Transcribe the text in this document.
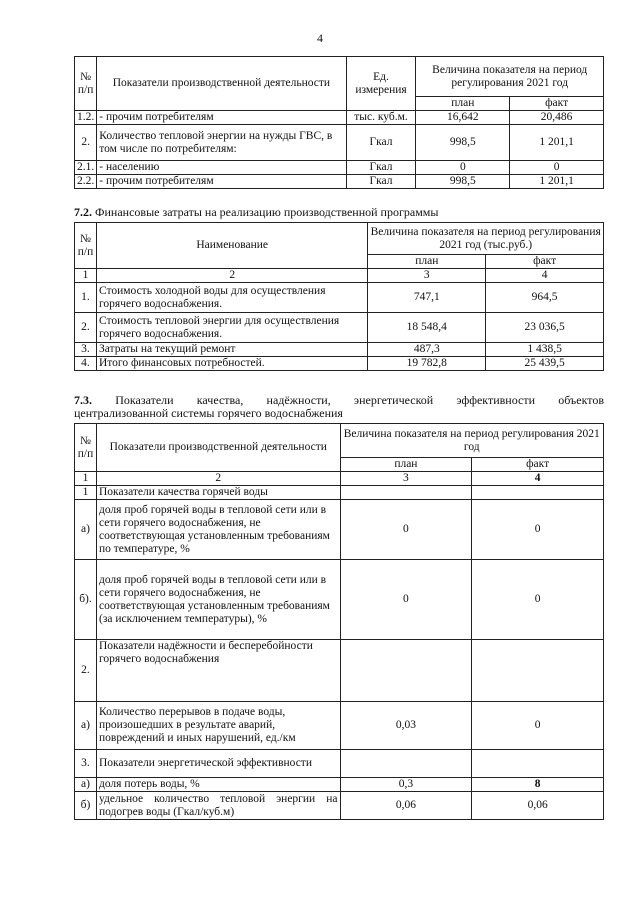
4
№ п/п	Показатели производственной деятельности	Ед. измерения	Величина показателя на период регулирования 2021 год	
			план	факт
1.2.	- прочим потребителям	тыс. куб.м.	16,642	20,486
2.	Количество тепловой энергии на нужды ГВС, в том числе по потребителям:	Гкал	998,5	1 201,1
2.1.	- населению	Гкал	0	0
2.2.	- прочим потребителям	Гкал	998,5	1 201,1
7.2. Финансовые затраты на реализацию производственной программы
№ п/п	Наименование	Величина показателя на период регулирования 2021 год (тыс.руб.)	
		план	факт
1	2	3	4
1.	Стоимость холодной воды для осуществления горячего водоснабжения.	747,1	964,5
2.	Стоимость тепловой энергии для осуществления горячего водоснабжения.	18 548,4	23 036,5
3.	Затраты на текущий ремонт	487,3	1 438,5
4.	Итого финансовых потребностей.	19 782,8	25 439,5
7.3. Показатели качества, надёжности, энергетической эффективности объектов
централизованной системы горячего водоснабжения
№ п/п	Показатели производственной деятельности	Величина показателя на период регулирования 2021 год	
		план	факт
1	2	3	4
1	Показатели качества горячей воды		
а)	доля проб горячей воды в тепловой сети или в сети горячего водоснабжения, не соответствующая установленным требованиям по температуре, %	0	0
б).	доля проб горячей воды в тепловой сети или в сети горячего водоснабжения, не соответствующая установленным требованиям (за исключением температуры), %	0	0
2.	Показатели надёжности и бесперебойности горячего водоснабжения		
а)	Количество перерывов в подаче воды, произошедших в результате аварий, повреждений и иных нарушений, ед./км	0,03	0
3.	Показатели энергетической эффективности		
а)	доля потерь воды, %	0,3	8
б)	удельное количество тепловой энергии на подогрев воды (Гкал/куб.м)	0,06	0,06
